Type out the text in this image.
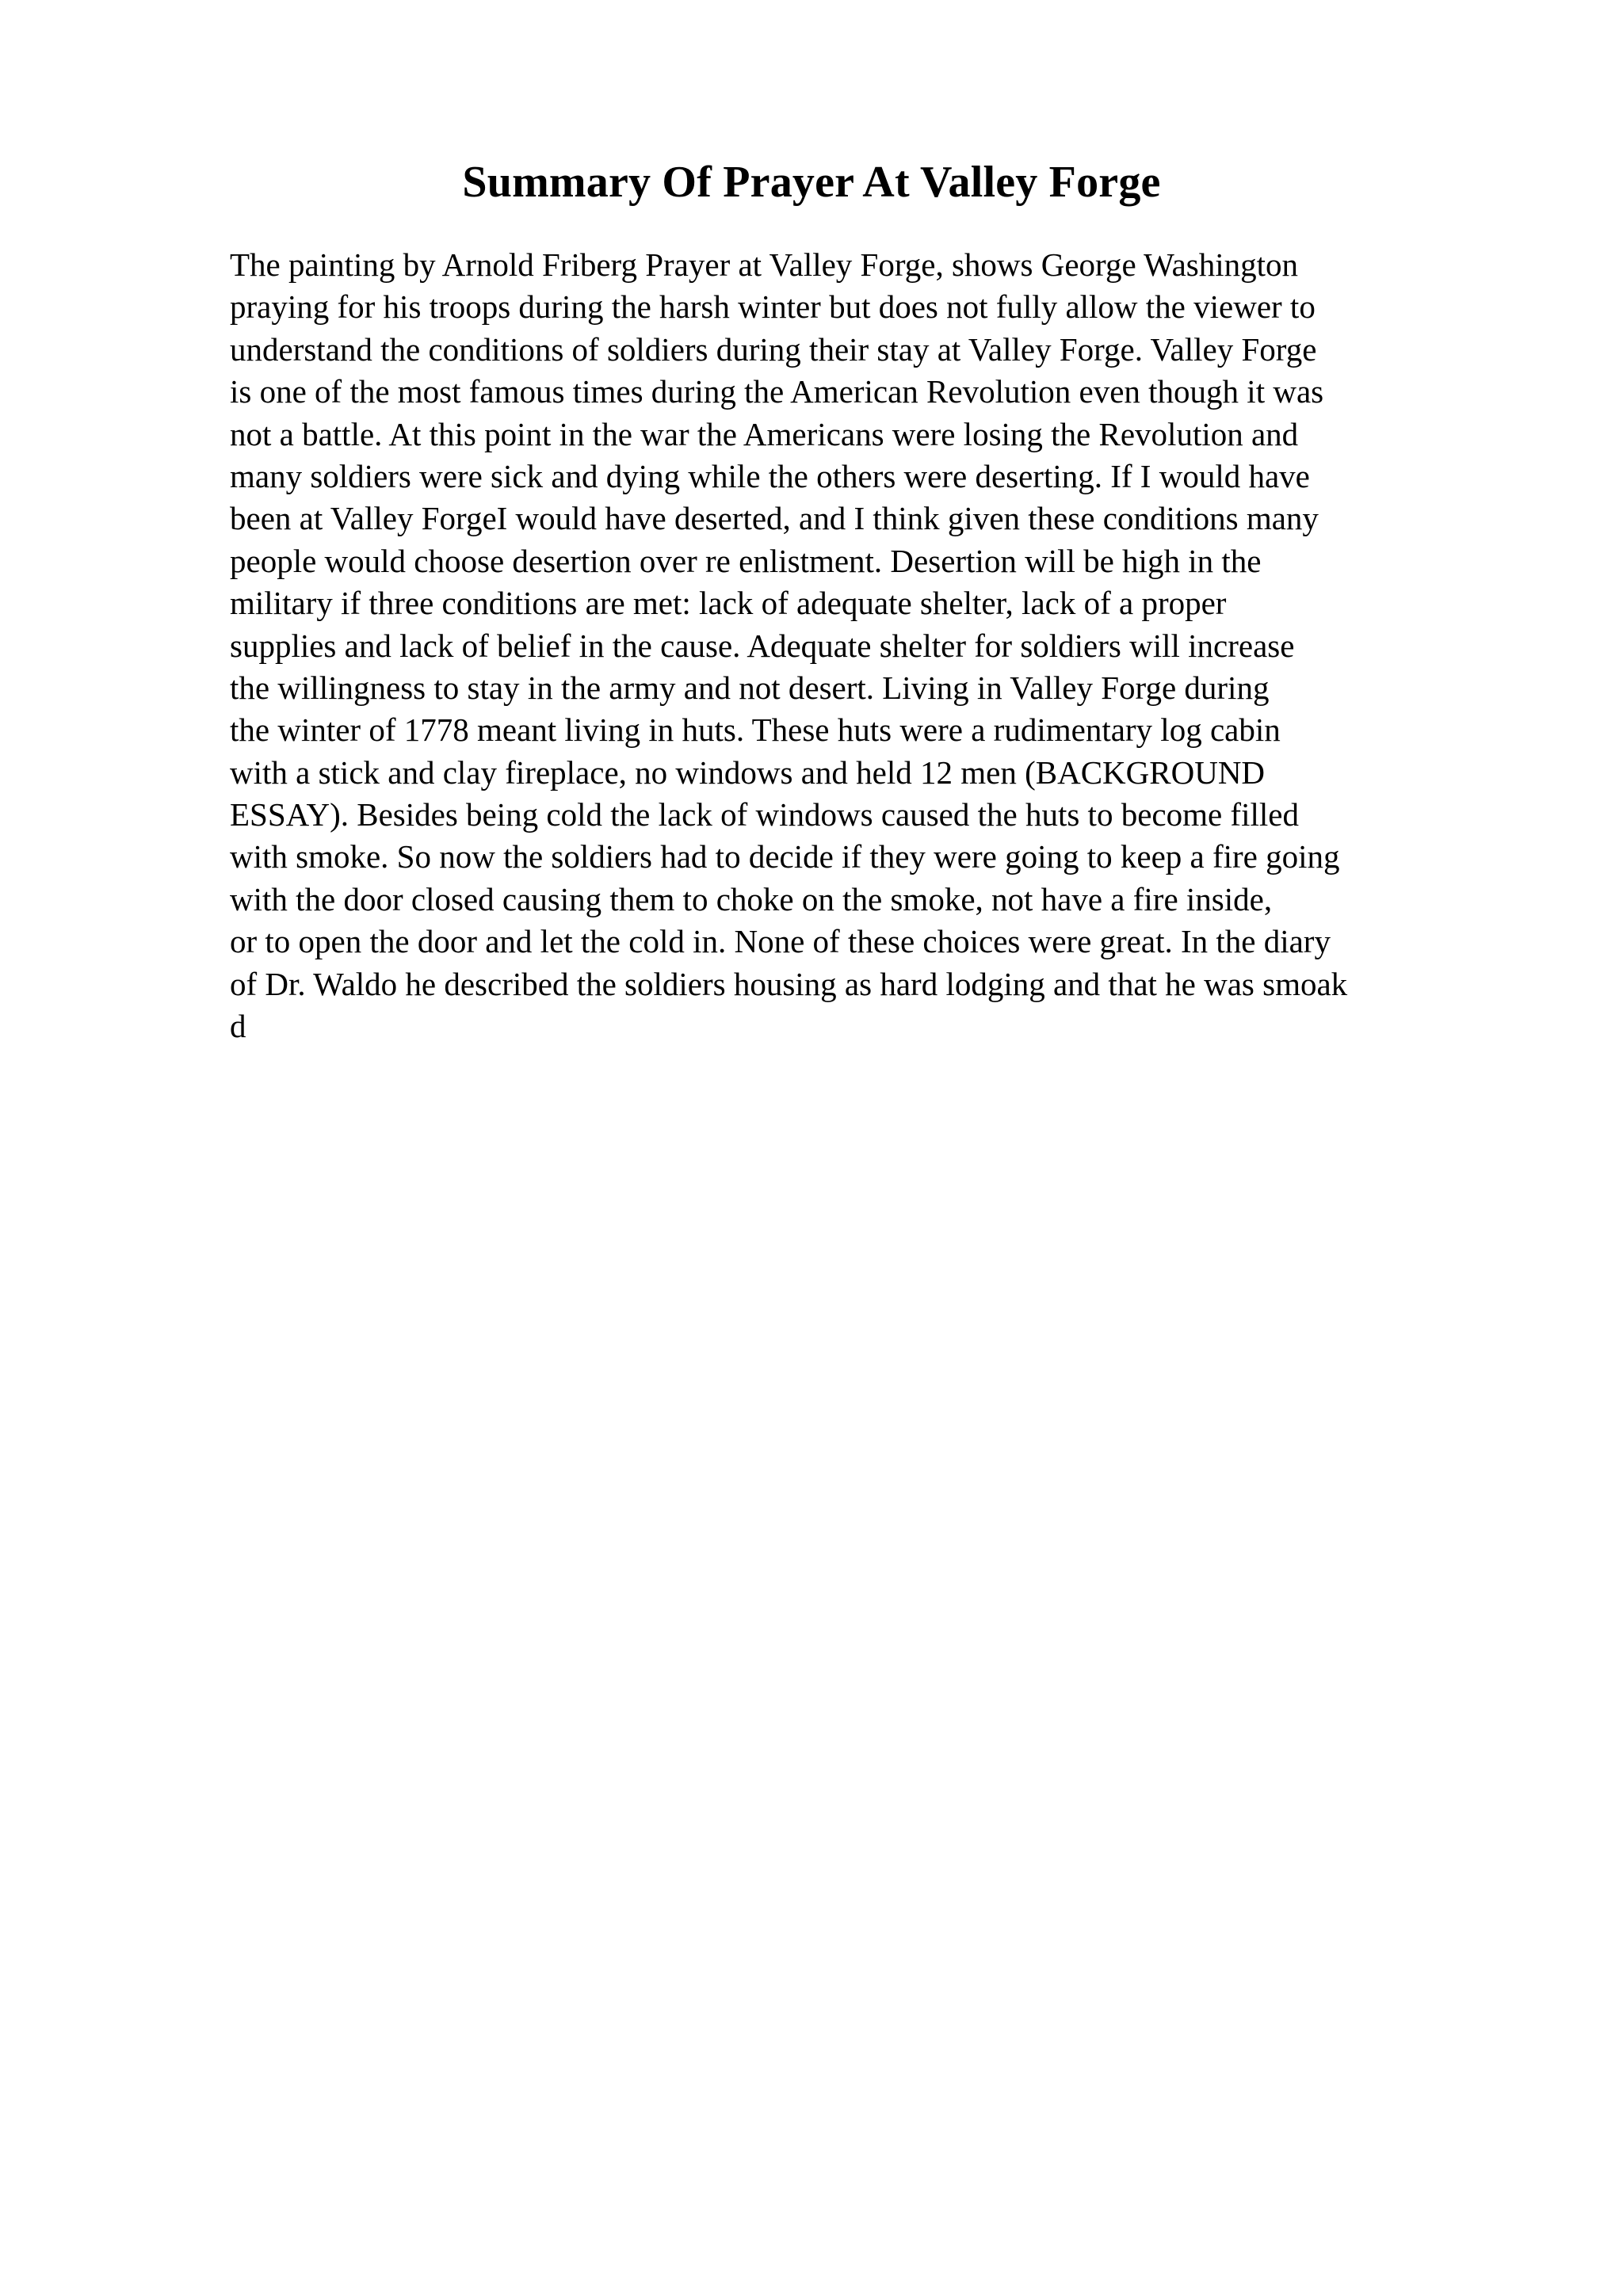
Summary Of Prayer At Valley Forge
The painting by Arnold Friberg Prayer at Valley Forge, shows George Washington
praying for his troops during the harsh winter but does not fully allow the viewer to
understand the conditions of soldiers during their stay at Valley Forge. Valley Forge
is one of the most famous times during the American Revolution even though it was
not a battle. At this point in the war the Americans were losing the Revolution and
many soldiers were sick and dying while the others were deserting. If I would have
been at Valley ForgeI would have deserted, and I think given these conditions many
people would choose desertion over re enlistment. Desertion will be high in the
military if three conditions are met: lack of adequate shelter, lack of a proper
supplies and lack of belief in the cause. Adequate shelter for soldiers will increase
the willingness to stay in the army and not desert. Living in Valley Forge during
the winter of 1778 meant living in huts. These huts were a rudimentary log cabin
with a stick and clay fireplace, no windows and held 12 men (BACKGROUND
ESSAY). Besides being cold the lack of windows caused the huts to become filled
with smoke. So now the soldiers had to decide if they were going to keep a fire going
with the door closed causing them to choke on the smoke, not have a fire inside,
or to open the door and let the cold in. None of these choices were great. In the diary
of Dr. Waldo he described the soldiers housing as hard lodging and that he was smoak
d
